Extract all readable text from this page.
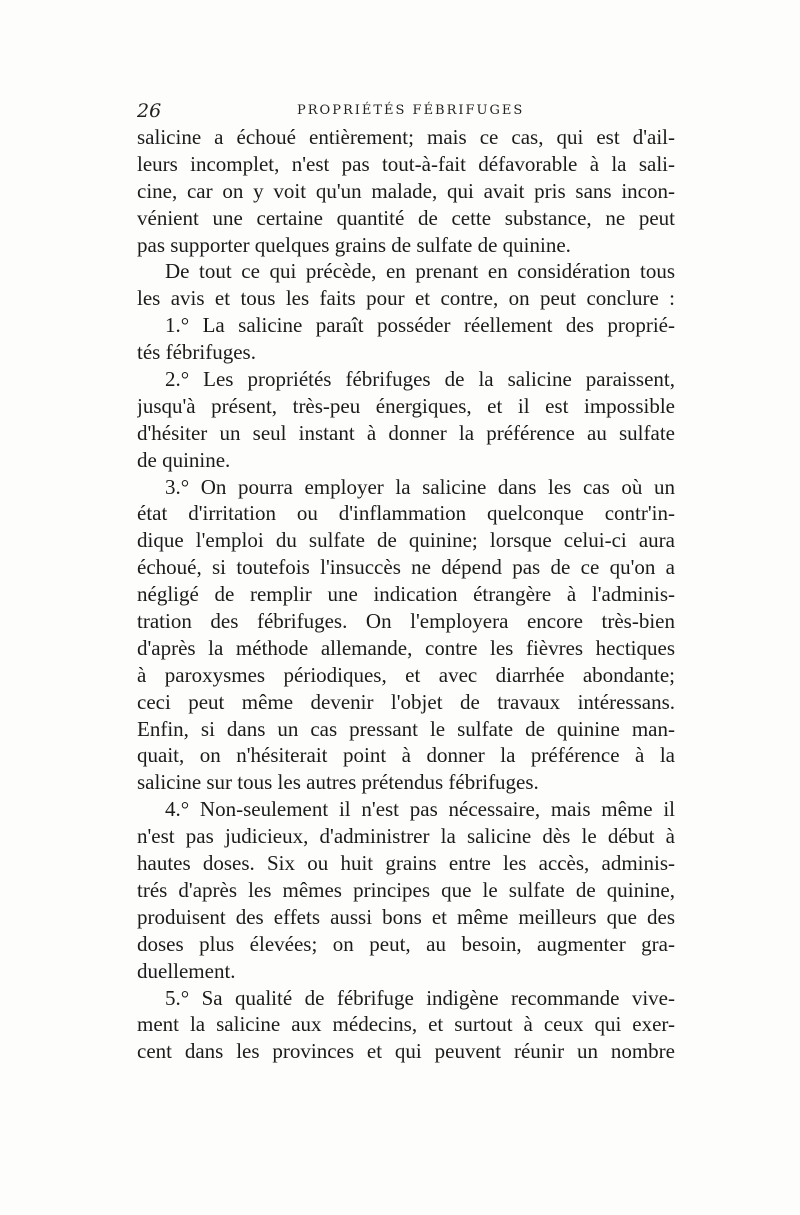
26	PROPRIÉTÉS FÉBRIFUGES
salicine a échoué entièrement; mais ce cas, qui est d'ail-
leurs incomplet, n'est pas tout-à-fait défavorable à la sali-
cine, car on y voit qu'un malade, qui avait pris sans incon-
vénient une certaine quantité de cette substance, ne peut
pas supporter quelques grains de sulfate de quinine.
De tout ce qui précède, en prenant en considération tous
les avis et tous les faits pour et contre, on peut conclure :
1.° La salicine paraît posséder réellement des proprié-
tés fébrifuges.
2.° Les propriétés fébrifuges de la salicine paraissent,
jusqu'à présent, très-peu énergiques, et il est impossible
d'hésiter un seul instant à donner la préférence au sulfate
de quinine.
3.° On pourra employer la salicine dans les cas où un
état d'irritation ou d'inflammation quelconque contr'in-
dique l'emploi du sulfate de quinine; lorsque celui-ci aura
échoué, si toutefois l'insuccès ne dépend pas de ce qu'on a
négligé de remplir une indication étrangère à l'adminis-
tration des fébrifuges. On l'employera encore très-bien
d'après la méthode allemande, contre les fièvres hectiques
à paroxysmes périodiques, et avec diarrhée abondante;
ceci peut même devenir l'objet de travaux intéressans.
Enfin, si dans un cas pressant le sulfate de quinine man-
quait, on n'hésiterait point à donner la préférence à la
salicine sur tous les autres prétendus fébrifuges.
4.° Non-seulement il n'est pas nécessaire, mais même il
n'est pas judicieux, d'administrer la salicine dès le début à
hautes doses. Six ou huit grains entre les accès, adminis-
trés d'après les mêmes principes que le sulfate de quinine,
produisent des effets aussi bons et même meilleurs que des
doses plus élevées; on peut, au besoin, augmenter gra-
duellement.
5.° Sa qualité de fébrifuge indigène recommande vive-
ment la salicine aux médecins, et surtout à ceux qui exer-
cent dans les provinces et qui peuvent réunir un nombre
